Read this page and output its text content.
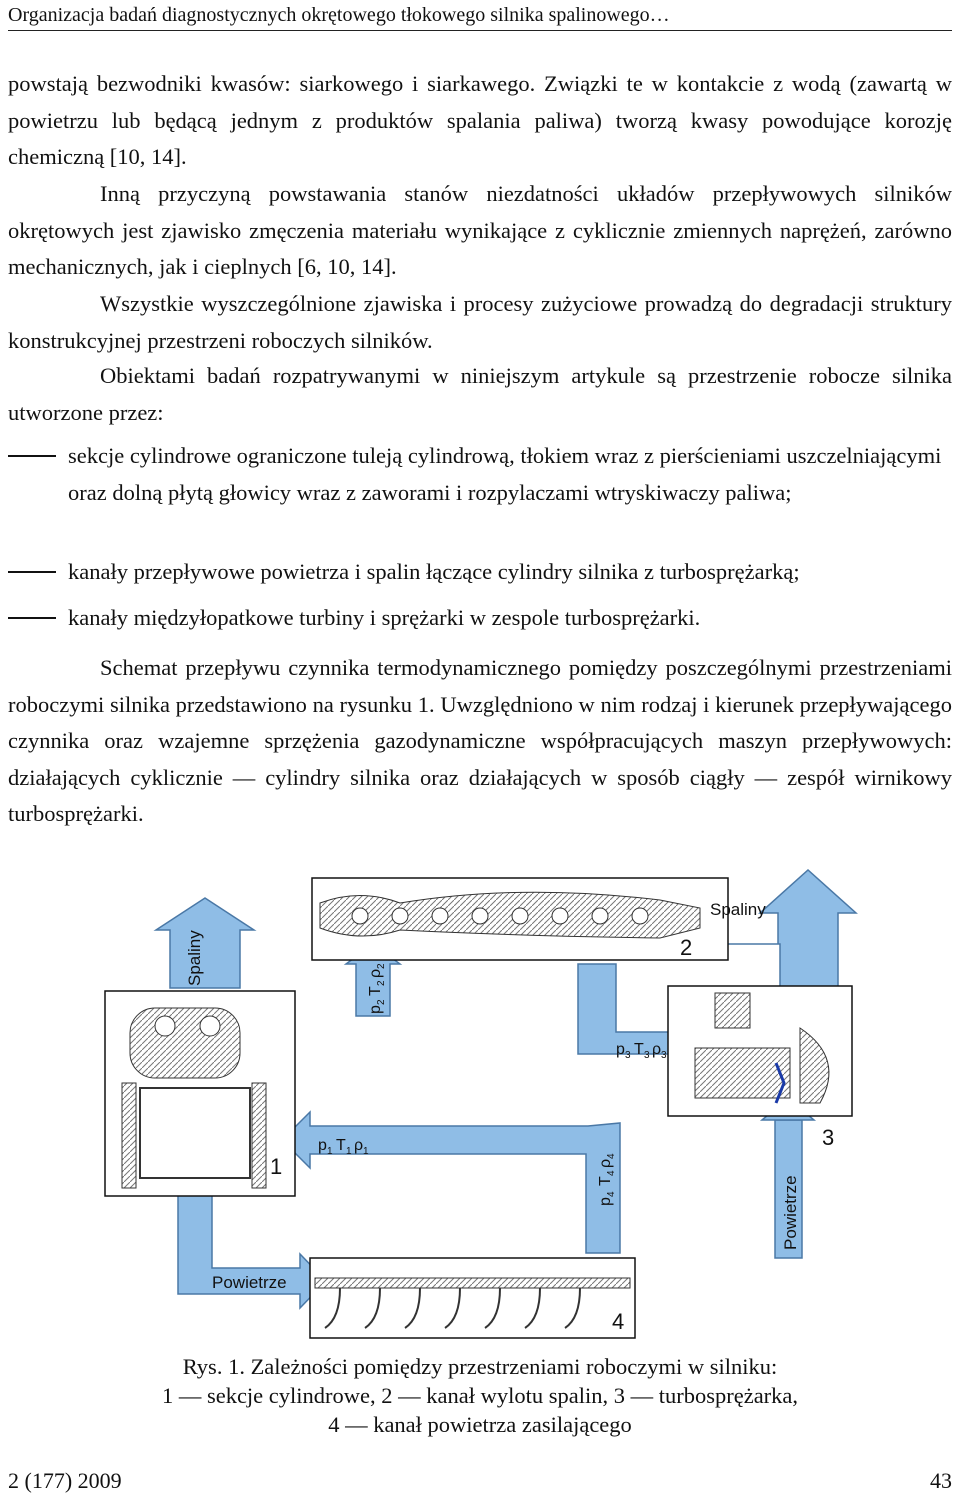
Organizacja badań diagnostycznych okrętowego tłokowego silnika spalinowego…

powstają bezwodniki kwasów: siarkowego i siarkawego. Związki te w kontakcie z wodą (zawartą w powietrzu lub będącą jednym z produktów spalania paliwa) tworzą kwasy powodujące korozję chemiczną [10, 14].

Inną przyczyną powstawania stanów niezdatności układów przepływowych silników okrętowych jest zjawisko zmęczenia materiału wynikające z cyklicznie zmiennych naprężeń, zarówno mechanicznych, jak i cieplnych [6, 10, 14].

Wszystkie wyszczególnione zjawiska i procesy zużyciowe prowadzą do degradacji struktury konstrukcyjnej przestrzeni roboczych silników.

Obiektami badań rozpatrywanymi w niniejszym artykule są przestrzenie robocze silnika utworzone przez:

sekcje cylindrowe ograniczone tuleją cylindrową, tłokiem wraz z pierścieniami uszczelniającymi oraz dolną płytą głowicy wraz z zaworami i rozpylaczami wtryskiwaczy paliwa;
kanały przepływowe powietrza i spalin łączące cylindry silnika z turbosprężarką;
kanały międzyłopatkowe turbiny i sprężarki w zespole turbosprężarki.

Schemat przepływu czynnika termodynamicznego pomiędzy poszczególnymi przestrzeniami roboczymi silnika przedstawiono na rysunku 1. Uwzględniono w nim rodzaj i kierunek przepływającego czynnika oraz wzajemne sprzężenia gazodynamiczne współpracujących maszyn przepływowych: działających cyklicznie — cylindry silnika oraz działających w sposób ciągły — zespół wirnikowy turbosprężarki.

Spaliny
Spaliny
Powietrze
Powietrze
1
2
3
4
p 1 T 1 ρ 1
p 3 T 3 ρ 3
p
2
T
2
ρ
2
p
4
T
4
ρ
4
Rys. 1. Zależności pomiędzy przestrzeniami roboczymi w silniku:
1 — sekcje cylindrowe, 2 — kanał wylotu spalin, 3 — turbosprężarka,
4 — kanał powietrza zasilającego
2 (177) 2009	43
